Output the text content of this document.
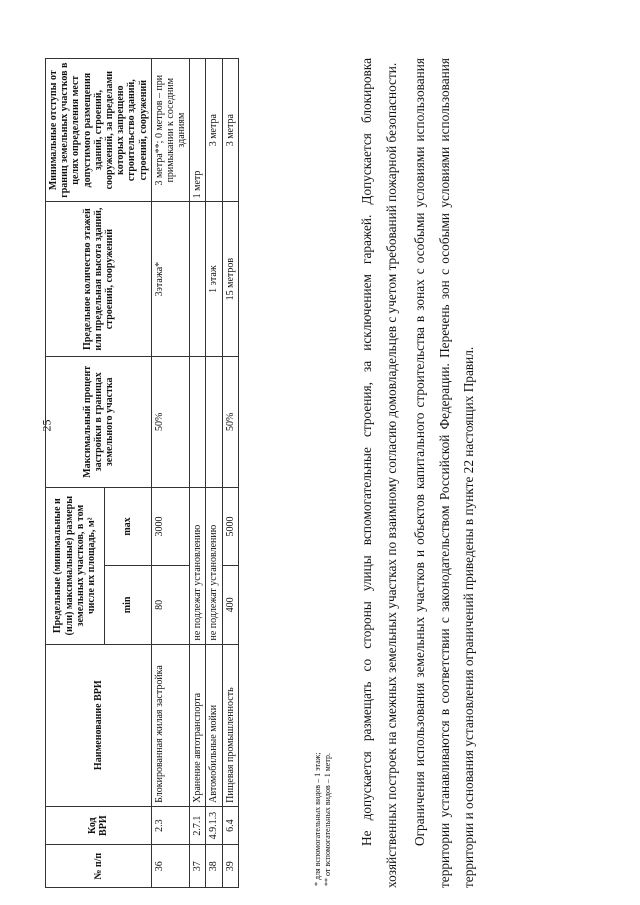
25
№ п/п	Код ВРИ	Наименование ВРИ	Предельные (минимальные и (или) максимальные) размеры земельных участков, в том числе их площадь, м²		Максимальный процент застройки в границах земельного участка	Предельное количество этажей или предельная высота зданий, строений, сооружений	Минимальные отступы от границ земельных участков в целях определения мест допустимого размещения зданий, строений, сооружений, за пределами которых запрещено строительство зданий, строений, сооружений
			min	max			
36	2.3	Блокированная жилая застройка	80	3000	50%	3этажа*	3 метра**; 0 метров – при примыкании к соседним зданиям
37	2.7.1	Хранение автотранспорта	не подлежат установлению				1 метр
38	4.9.1.3	Автомобильные мойки	не подлежат установлению			1 этаж	3 метра
39	6.4	Пищевая промышленность	400	5000	50%	15 метров	3 метра
* для вспомогательных видов – 1 этаж; ** от вспомогательных видов – 1 метр.	Не допускается размещать со стороны улицы вспомогательные строения, за исключением гаражей. Допускается блокировка хозяйственных построек на смежных земельных участках по взаимному согласию домовладельцев с учетом требований пожарной безопасности.	Ограничения использования земельных участков и объектов капитального строительства в зонах с особыми условиями использования территории устанавливаются в соответствии с законодательством Российской Федерации. Перечень зон с особыми условиями использования территории и основания установления ограничений приведены в пункте 22 настоящих Правил.
